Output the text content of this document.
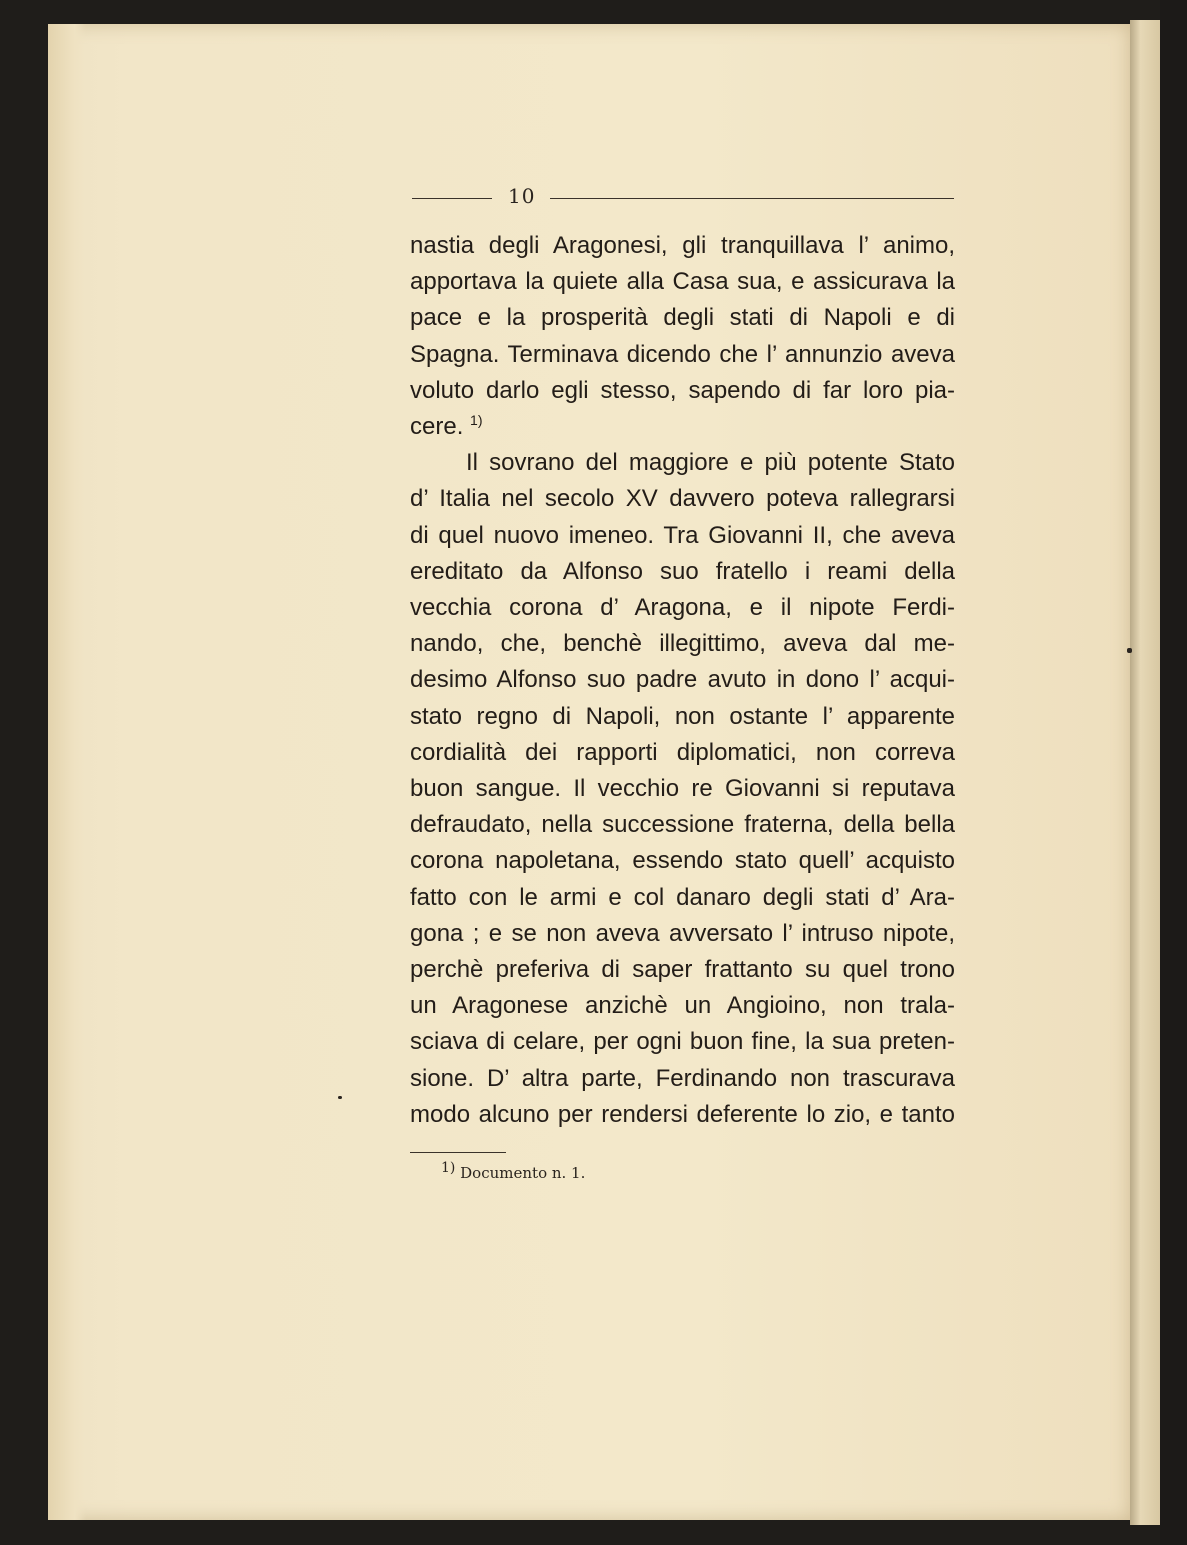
10
nastia degli Aragonesi, gli tranquillava l’ animo,
apportava la quiete alla Casa sua, e assicurava la
pace e la prosperità degli stati di Napoli e di
Spagna. Terminava dicendo che l’ annunzio aveva
voluto darlo egli stesso, sapendo di far loro pia-
cere. $^{1)}$
Il sovrano del maggiore e più potente Stato
d’ Italia nel secolo XV davvero poteva rallegrarsi
di quel nuovo imeneo. Tra Giovanni II, che aveva
ereditato da Alfonso suo fratello i reami della
vecchia corona d’ Aragona, e il nipote Ferdi-
nando, che, benchè illegittimo, aveva dal me-
desimo Alfonso suo padre avuto in dono l’ acqui-
stato regno di Napoli, non ostante l’ apparente
cordialità dei rapporti diplomatici, non correva
buon sangue. Il vecchio re Giovanni si reputava
defraudato, nella successione fraterna, della bella
corona napoletana, essendo stato quell’ acquisto
fatto con le armi e col danaro degli stati d’ Ara-
gona ; e se non aveva avversato l’ intruso nipote,
perchè preferiva di saper frattanto su quel trono
un Aragonese anzichè un Angioino, non trala-
sciava di celare, per ogni buon fine, la sua preten-
sione. D’ altra parte, Ferdinando non trascurava
modo alcuno per rendersi deferente lo zio, e tanto
1) Documento n. 1.
